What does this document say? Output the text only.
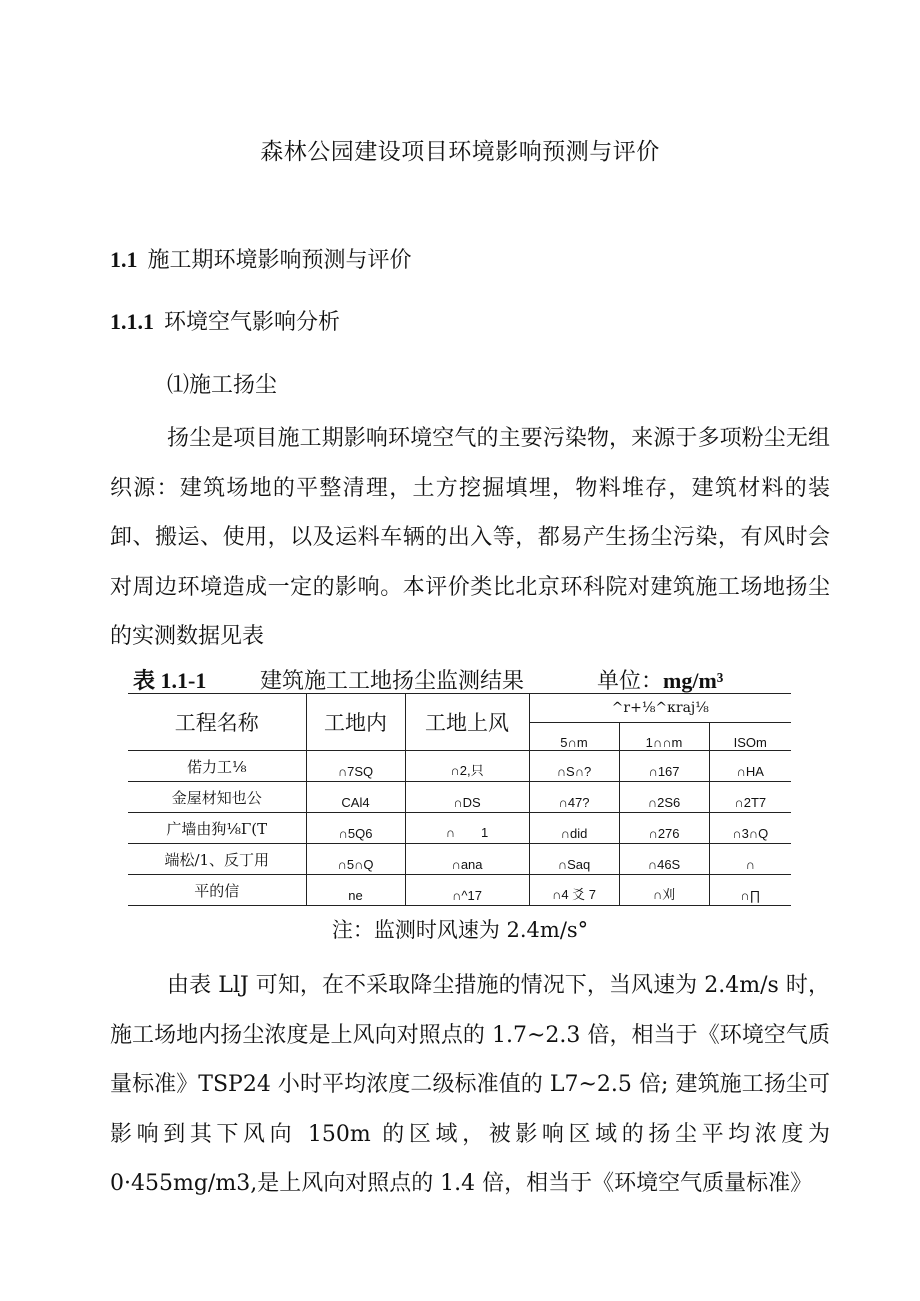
森林公园建设项目环境影响预测与评价
1.1 施工期环境影响预测与评价
1.1.1 环境空气影响分析
⑴施工扬尘

扬尘是项目施工期影响环境空气的主要污染物，来源于多项粉尘无组织源：建筑场地的平整清理，土方挖掘填埋，物料堆存，建筑材料的装卸、搬运、使用，以及运料车辆的出入等，都易产生扬尘污染，有风时会对周边环境造成一定的影响。本评价类比北京环科院对建筑施工场地扬尘的实测数据见表

表 1.1-1 建筑施工工地扬尘监测结果	单位：mg/m³
工程名称	工地内	工地上风	^r+⅛^κraj⅛		
			5∩m	1∩∩m	ISOm
偌力工⅛	∩7SQ	∩2,只	∩S∩?	∩167	∩HA
金屋材知也公	CAl4	∩DS	∩47?	∩2S6	∩2T7
广墙由狗⅛Γ(T	∩5Q6	∩　　1	∩did	∩276	∩3∩Q
端松/1、反丁用	∩5∩Q	∩ana	∩Saq	∩46S	∩
平的信	ne	∩^17	∩4 爻 7	∩刈	∩∏
注：监测时风速为 2.4m/s°

由表 LlJ 可知，在不采取降尘措施的情况下，当风速为 2.4m/s 时，施工场地内扬尘浓度是上风向对照点的 1.7~2.3 倍，相当于《环境空气质量标准》TSP24 小时平均浓度二级标准值的 L7~2.5 倍; 建筑施工扬尘可影响到其下风向 150m 的区域，被影响区域的扬尘平均浓度为 0·455mg/m3,是上风向对照点的 1.4 倍，相当于《环境空气质量标准》
